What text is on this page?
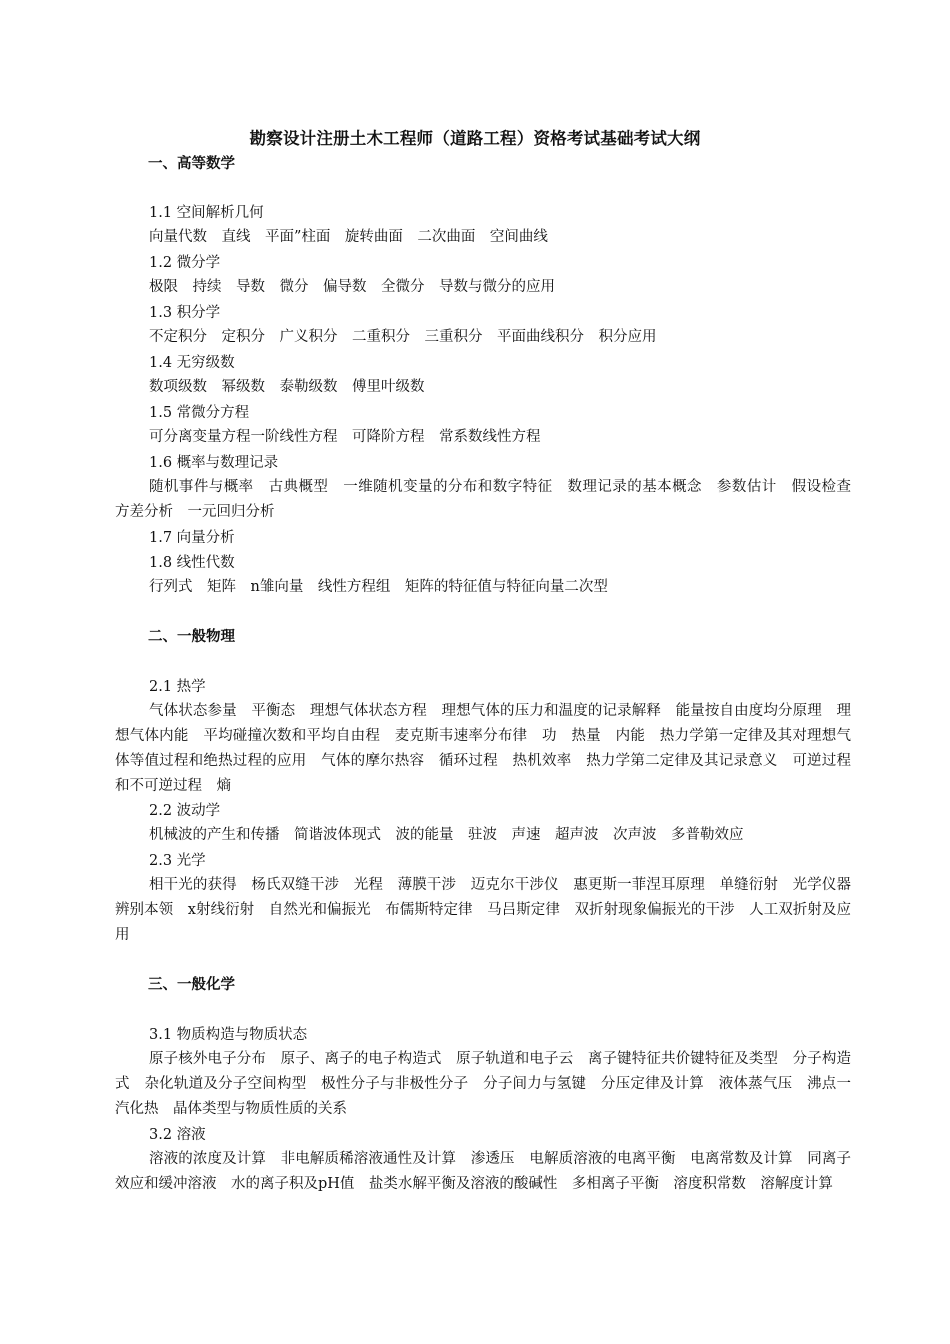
勘察设计注册土木工程师（道路工程）资格考试基础考试大纲
一、高等数学
1.1 空间解析几何
向量代数　直线　平面”柱面　旋转曲面　二次曲面　空间曲线
1.2 微分学
极限　持续　导数　微分　偏导数　全微分　导数与微分的应用
1.3 积分学
不定积分　定积分　广义积分　二重积分　三重积分　平面曲线积分　积分应用
1.4 无穷级数
数项级数　幂级数　泰勒级数　傅里叶级数
1.5 常微分方程
可分离变量方程一阶线性方程　可降阶方程　常系数线性方程
1.6 概率与数理记录
随机事件与概率　古典概型　一维随机变量的分布和数字特征　数理记录的基本概念　参数估计　假设检查　方差分析　一元回归分析
1.7 向量分析
1.8 线性代数
行列式　矩阵　n雏向量　线性方程组　矩阵的特征值与特征向量二次型
二、一般物理
2.1 热学
气体状态参量　平衡态　理想气体状态方程　理想气体的压力和温度的记录解释　能量按自由度均分原理　理想气体内能　平均碰撞次数和平均自由程　麦克斯韦速率分布律　功　热量　内能　热力学第一定律及其对理想气体等值过程和绝热过程的应用　气体的摩尔热容　循环过程　热机效率　热力学第二定律及其记录意义　可逆过程和不可逆过程　熵
2.2 波动学
机械波的产生和传播　简谐波体现式　波的能量　驻波　声速　超声波　次声波　多普勒效应
2.3 光学
相干光的获得　杨氏双缝干涉　光程　薄膜干涉　迈克尔干涉仪　惠更斯一菲涅耳原理　单缝衍射　光学仪器辨别本领　x射线衍射　自然光和偏振光　布儒斯特定律　马吕斯定律　双折射现象偏振光的干涉　人工双折射及应用
三、一般化学
3.1 物质构造与物质状态
原子核外电子分布　原子、离子的电子构造式　原子轨道和电子云　离子键特征共价键特征及类型　分子构造式　杂化轨道及分子空间构型　极性分子与非极性分子　分子间力与氢键　分压定律及计算　液体蒸气压　沸点一　汽化热　晶体类型与物质性质的关系
3.2 溶液
溶液的浓度及计算　非电解质稀溶液通性及计算　渗透压　电解质溶液的电离平衡　电离常数及计算　同离子效应和缓冲溶液　水的离子积及pH值　盐类水解平衡及溶液的酸碱性　多相离子平衡　溶度积常数　溶解度计算
